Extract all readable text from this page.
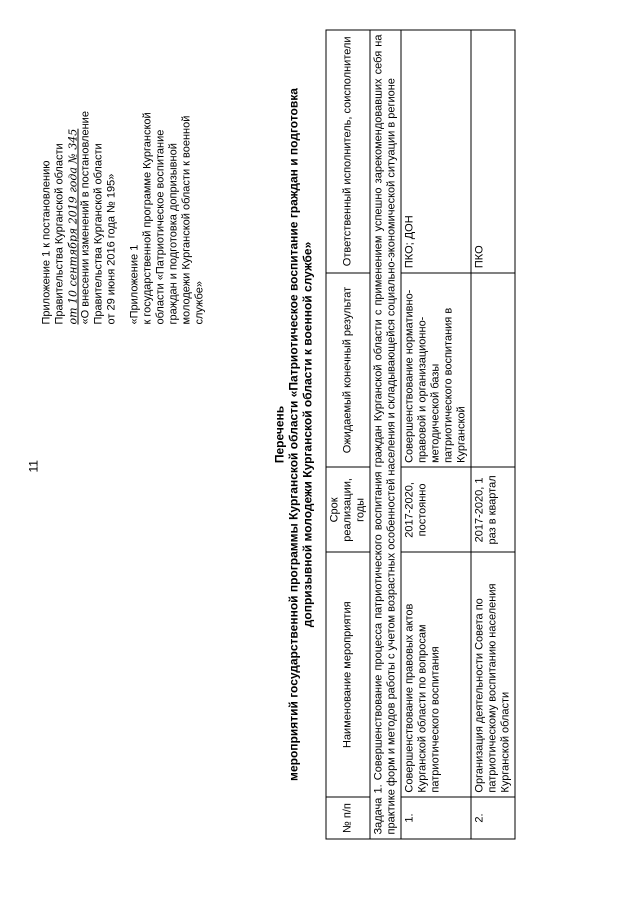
11
Приложение 1 к постановлению Правительства Курганской области от 10 сентября 2019 года № 345 «О внесении изменений в постановление Правительства Курганской области от 29 июня 2016 года № 195» «Приложение 1 к государственной программе Курганской области «Патриотическое воспитание граждан и подготовка допризывной молодежи Курганской области к военной службе»
Перечень мероприятий государственной программы Курганской области «Патриотическое воспитание граждан и подготовка допризывной молодежи Курганской области к военной службе»
№ п/п	Наименование мероприятия	Срок реализации, годы	Ожидаемый конечный результат	Ответственный исполнитель, соисполнители
Задача 1. Совершенствование процесса патриотического воспитания граждан Курганской области с применением успешно зарекомендовавших себя на практике форм и методов работы с учетом возрастных особенностей населения и складывающейся социально-экономической ситуации в регионе				
1.	Совершенствование правовых актов Курганской области по вопросам патриотического воспитания	2017-2020, постоянно	Совершенствование нормативно-правовой и организационно-методической базы патриотического воспитания в Курганской	ПКО; ДОН
2.	Организация деятельности Совета по патриотическому воспитанию населения Курганской области	2017-2020, 1 раз в квартал		ПКО
